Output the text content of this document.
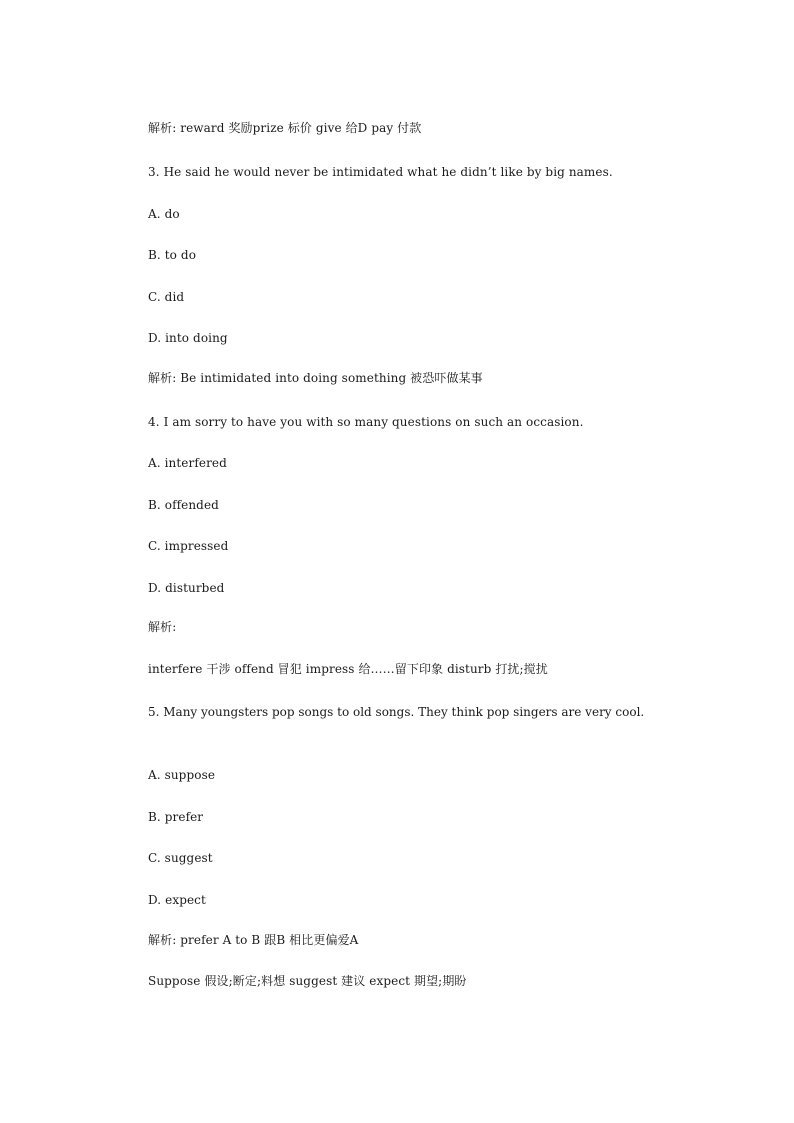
解析: reward 奖励prize 标价 give 给D pay 付款
3. He said he would never be intimidated what he didn’t like by big names.
A. do
B. to do
C. did
D. into doing
解析: Be intimidated into doing something 被恐吓做某事
4. I am sorry to have you with so many questions on such an occasion.
A. interfered
B. offended
C. impressed
D. disturbed
解析:
interfere 干涉 offend 冒犯 impress 给……留下印象 disturb 打扰;搅扰
5. Many youngsters pop songs to old songs. They think pop singers are very cool.
A. suppose
B. prefer
C. suggest
D. expect
解析: prefer A to B 跟B 相比更偏爱A
Suppose 假设;断定;料想 suggest 建议 expect 期望;期盼
